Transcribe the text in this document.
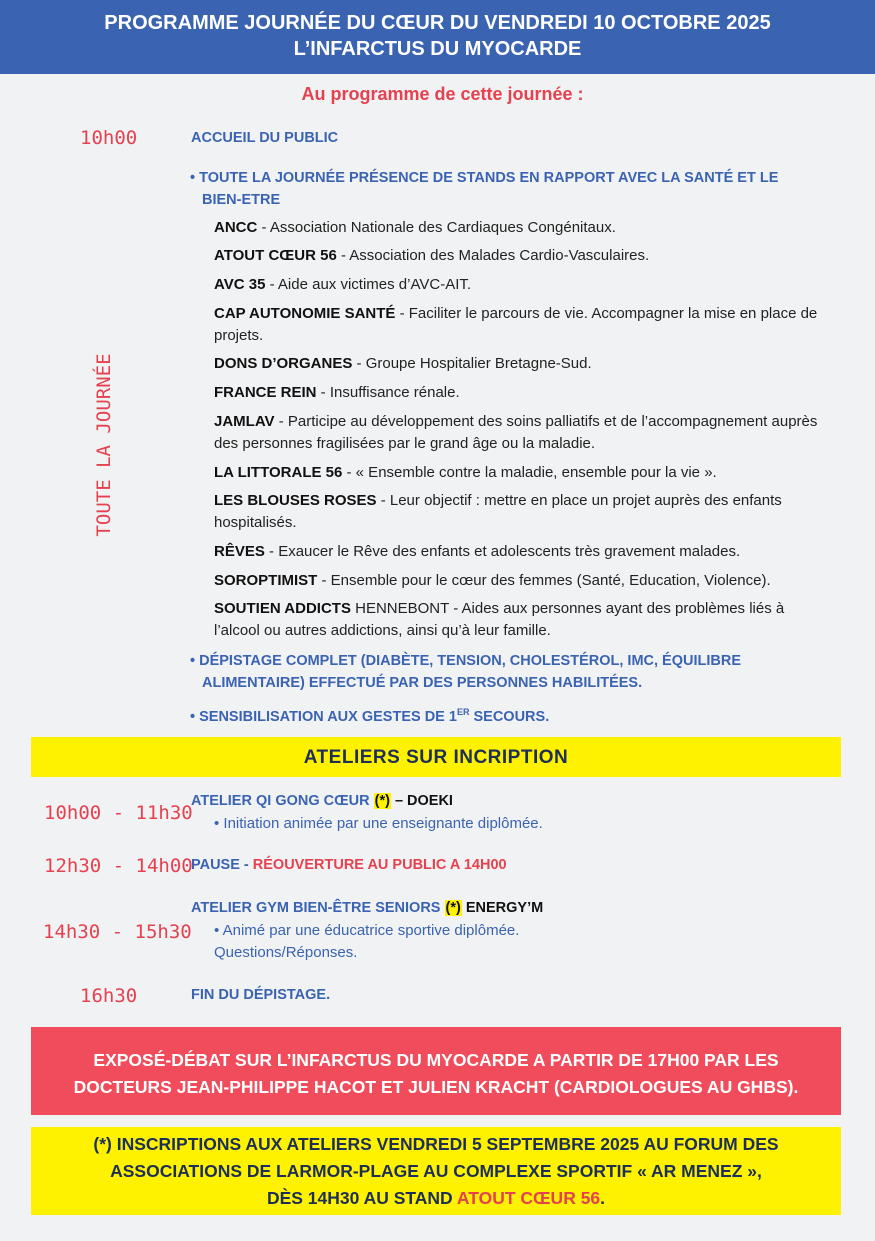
PROGRAMME JOURNÉE DU CŒUR DU VENDREDI 10 OCTOBRE 2025
L’INFARCTUS DU MYOCARDE
Au programme de cette journée :
10h00	ACCUEIL DU PUBLIC
TOUTE LA JOURNÉE
• TOUTE LA JOURNÉE PRÉSENCE DE STANDS EN RAPPORT AVEC LA SANTÉ ET LE BIEN-ETRE
ANCC - Association Nationale des Cardiaques Congénitaux.
ATOUT CŒUR 56 - Association des Malades Cardio-Vasculaires.
AVC 35 - Aide aux victimes d’AVC-AIT.
CAP AUTONOMIE SANTÉ - Faciliter le parcours de vie. Accompagner la mise en place de projets.
DONS D’ORGANES - Groupe Hospitalier Bretagne-Sud.
FRANCE REIN - Insuffisance rénale.
JAMLAV - Participe au développement des soins palliatifs et de l’accompagnement auprès des personnes fragilisées par le grand âge ou la maladie.
LA LITTORALE 56 - « Ensemble contre la maladie, ensemble pour la vie ».
LES BLOUSES ROSES - Leur objectif : mettre en place un projet auprès des enfants hospitalisés.
RÊVES - Exaucer le Rêve des enfants et adolescents très gravement malades.
SOROPTIMIST - Ensemble pour le cœur des femmes (Santé, Education, Violence).
SOUTIEN ADDICTS HENNEBONT - Aides aux personnes ayant des problèmes liés à l’alcool ou autres addictions, ainsi qu’à leur famille.
• DÉPISTAGE COMPLET (DIABÈTE, TENSION, CHOLESTÉROL, IMC, ÉQUILIBRE ALIMENTAIRE) EFFECTUÉ PAR DES PERSONNES HABILITÉES.
• SENSIBILISATION AUX GESTES DE 1ER SECOURS.
ATELIERS SUR INCRIPTION
10h00 - 11h30
ATELIER QI GONG CŒUR (*) – DOEKI
• Initiation animée par une enseignante diplômée.
12h30 - 14h00
PAUSE - RÉOUVERTURE AU PUBLIC A 14H00
14h30 - 15h30
ATELIER GYM BIEN-ÊTRE SENIORS (*) ENERGY’M
• Animé par une éducatrice sportive diplômée.
Questions/Réponses.
16h30	FIN DU DÉPISTAGE.
EXPOSÉ-DÉBAT SUR L’INFARCTUS DU MYOCARDE A PARTIR DE 17H00 PAR LES
DOCTEURS JEAN-PHILIPPE HACOT ET JULIEN KRACHT (CARDIOLOGUES AU GHBS).
(*) INSCRIPTIONS AUX ATELIERS VENDREDI 5 SEPTEMBRE 2025 AU FORUM DES
ASSOCIATIONS DE LARMOR-PLAGE AU COMPLEXE SPORTIF « AR MENEZ »,
DÈS 14H30 AU STAND ATOUT CŒUR 56.
